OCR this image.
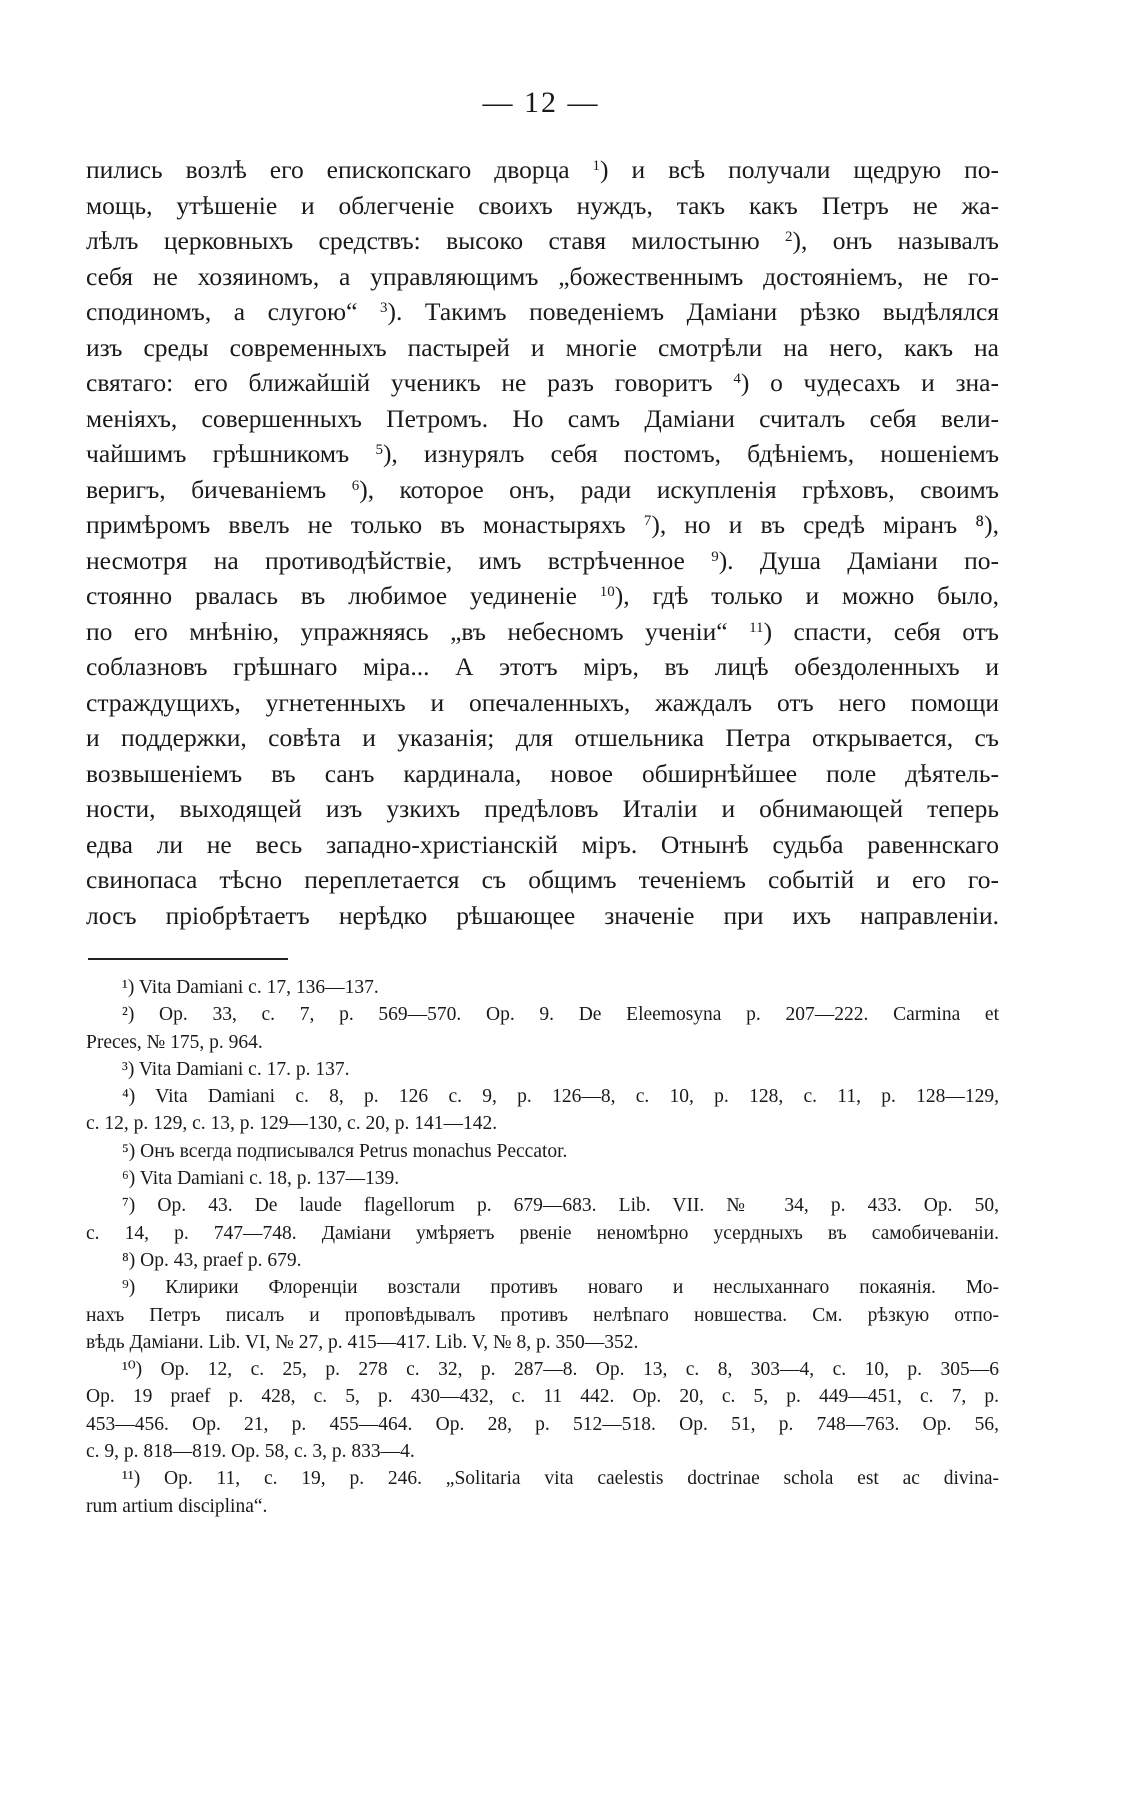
— 12 —
пились возлѣ его епископскаго дворца $^1$) и всѣ получали щедрую по-
мощь, утѣшеніе и облегченіе своихъ нуждъ, такъ какъ Петръ не жа-
лѣлъ церковныхъ средствъ: высоко ставя милостыню $^2$), онъ называлъ
себя не хозяиномъ, а управляющимъ „божественнымъ достояніемъ, не го-
сподиномъ, а слугою“ $^3$). Такимъ поведеніемъ Даміани рѣзко выдѣлялся
изъ среды современныхъ пастырей и многіе смотрѣли на него, какъ на
святаго: его ближайшій ученикъ не разъ говоритъ $^4$) о чудесахъ и зна-
меніяхъ, совершенныхъ Петромъ. Но самъ Даміани считалъ себя вели-
чайшимъ грѣшникомъ $^5$), изнурялъ себя постомъ, бдѣніемъ, ношеніемъ
веригъ, бичеваніемъ $^6$), которое онъ, ради искупленія грѣховъ, своимъ
примѣромъ ввелъ не только въ монастыряхъ $^7$), но и въ средѣ міранъ ⁸),
несмотря на противодѣйствіе, имъ встрѣченное $^9$). Душа Даміани по-
стоянно рвалась въ любимое уединеніе $^{10}$), гдѣ только и можно было,
по его мнѣнію, упражняясь „въ небесномъ ученіи“ $^{11}$) спасти, себя отъ
соблазновъ грѣшнаго міра... А этотъ міръ, въ лицѣ обездоленныхъ и
страждущихъ, угнетенныхъ и опечаленныхъ, жаждалъ отъ него помощи
и поддержки, совѣта и указанія; для отшельника Петра открывается, съ
возвышеніемъ въ санъ кардинала, новое обширнѣйшее поле дѣятель-
ности, выходящей изъ узкихъ предѣловъ Италіи и обнимающей теперь
едва ли не весь западно-христіанскій міръ. Отнынѣ судьба равеннскаго
свинопаса тѣсно переплетается съ общимъ теченіемъ событій и его го-
лосъ пріобрѣтаетъ нерѣдко рѣшающее значеніе при ихъ направленіи.
¹) Vita Damiani c. 17, 136—137.
²) Op. 33, c. 7, p. 569—570. Op. 9. De Eleemosyna p. 207—222. Carmina et
Preces, № 175, p. 964.
³) Vita Damiani c. 17. p. 137.
⁴) Vita Damiani c. 8, p. 126 c. 9, p. 126—8, c. 10, p. 128, c. 11, p. 128—129,
c. 12, p. 129, c. 13, p. 129—130, c. 20, p. 141—142.
⁵) Онъ всегда подписывался Petrus monachus Peccator.
⁶) Vita Damiani c. 18, p. 137—139.
⁷) Op. 43. De laude flagellorum p. 679—683. Lib. VII. № 34, p. 433. Op. 50,
c. 14, p. 747—748. Даміани умѣряетъ рвеніе неномѣрно усердныхъ въ самобичеваніи.
⁸) Op. 43, praef p. 679.
⁹) Клирики Флоренціи возстали противъ новаго и неслыханнаго покаянія. Мо-
нахъ Петръ писалъ и проповѣдывалъ противъ нелѣпаго новшества. См. рѣзкую отпо-
вѣдь Даміани. Lib. VI, № 27, p. 415—417. Lib. V, № 8, p. 350—352.
¹⁰) Op. 12, c. 25, p. 278 c. 32, p. 287—8. Op. 13, c. 8, 303—4, c. 10, p. 305—6
Op. 19 praef p. 428, c. 5, p. 430—432, c. 11 442. Op. 20, c. 5, p. 449—451, c. 7, p.
453—456. Op. 21, p. 455—464. Op. 28, p. 512—518. Op. 51, p. 748—763. Op. 56,
c. 9, p. 818—819. Op. 58, c. 3, p. 833—4.
¹¹) Op. 11, c. 19, p. 246. „Solitaria vita caelestis doctrinae schola est ac divina-
rum artium disciplina“.
